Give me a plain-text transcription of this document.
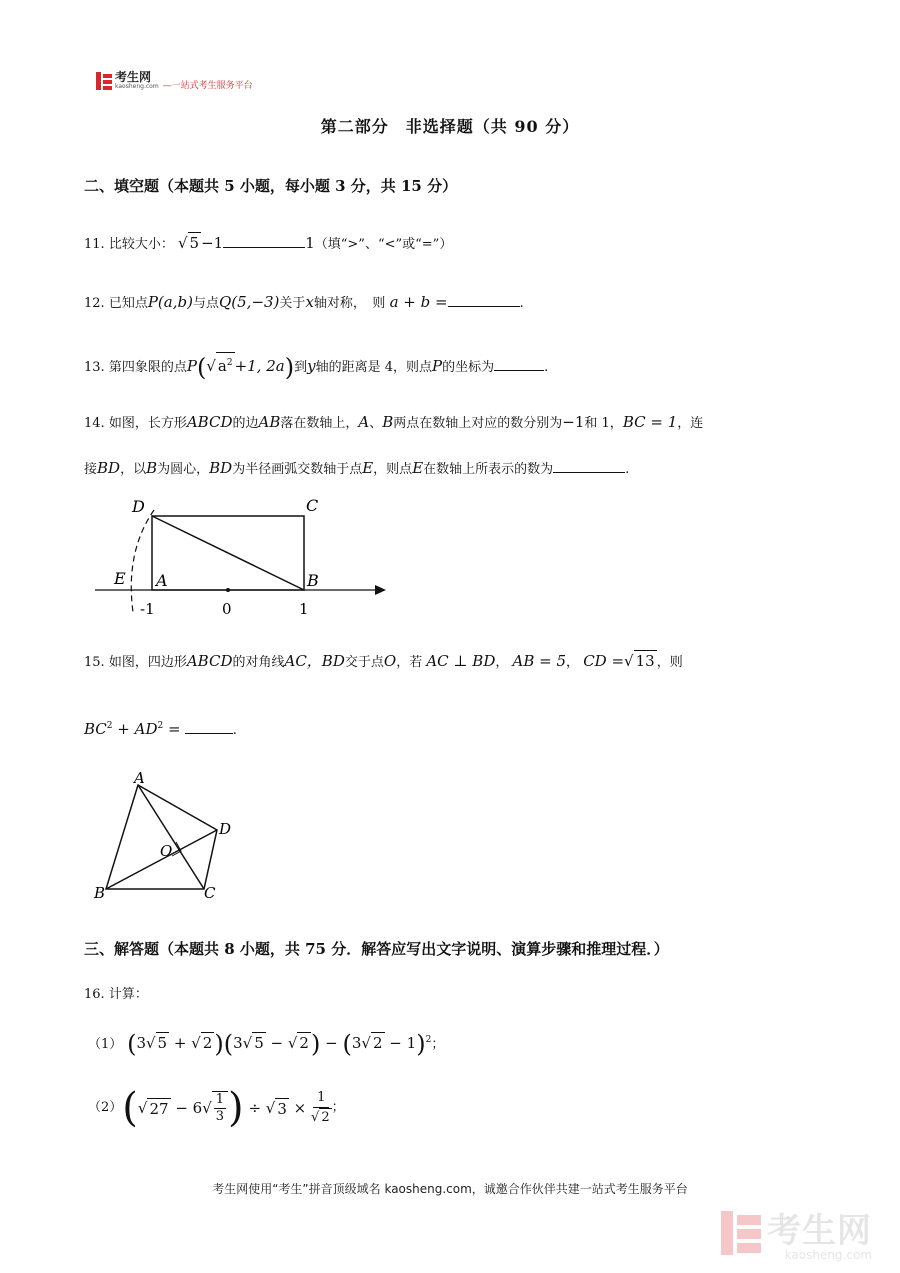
考生网
kaosheng.com —一站式考生服务平台
第二部分　非选择题（共 90 分）
二、填空题（本题共 5 小题，每小题 3 分，共 15 分）
11. 比较大小： √ 5 −1	1（填“>”、“<”或“=”）
12. 已知点P(a,b)与点Q(5,−3)关于x轴对称，　则 a + b =	.
13. 第四象限的点P(√ $a^2 +1$, 2a)到y轴的距离是 4，则点P的坐标为	.
14. 如图，长方形ABCD的边AB落在数轴上，A、B两点在数轴上对应的数分别为−1和 1，BC = 1，连
接BD，以B为圆心，BD为半径画弧交数轴于点E，则点E在数轴上所表示的数为	.
D	C
E A	B
-1	0	1
15. 如图，四边形ABCD的对角线AC，BD交于点O，若 AC ⊥ BD， AB = 5， CD =√ 13 ，则
$BC^2 + AD^2$ =	.
A
D
O
B	C
三、解答题（本题共 8 小题，共 75 分．解答应写出文字说明、演算步骤和推理过程．）
16. 计算：
（1） (3√ 5 + √ 2)(3√ 5 − √ 2) − (3√ 2 − 1)$^2$；
（2） ( √ 27 − 6 √ 1
3 )
÷ √ 3
×
$\frac{1}{√ 2}$ ；
考生网使用“考生”拼音顶级域名 kaosheng.com，诚邀合作伙伴共建一站式考生服务平台
考生网
kaosheng.com
